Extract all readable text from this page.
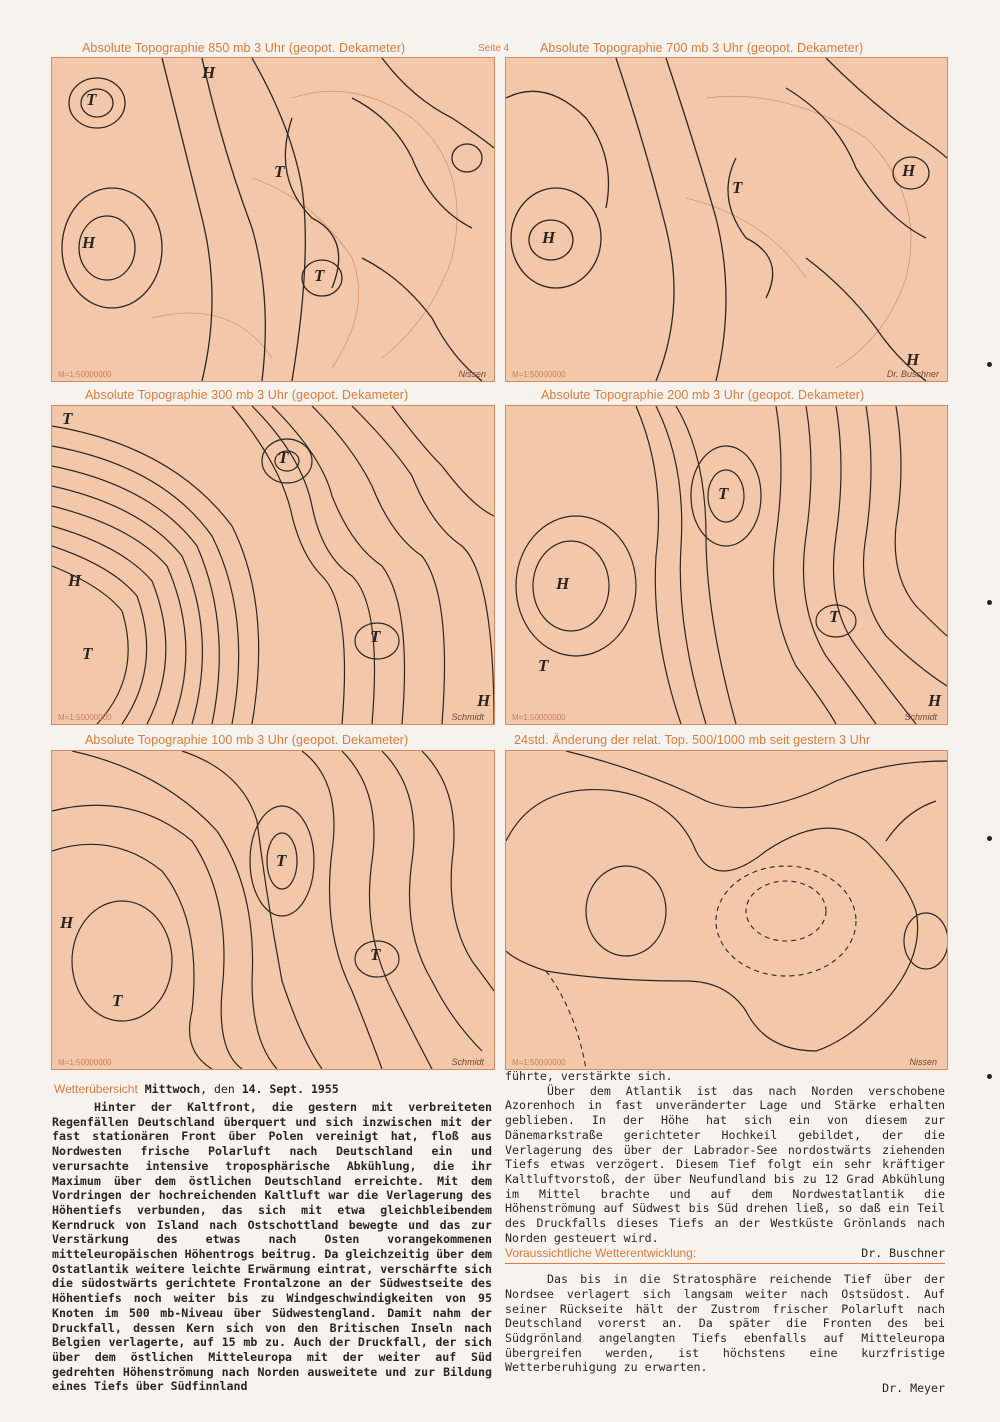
Absolute Topographie 850 mb 3 Uhr (geopot. Dekameter)	Seite 4 Absolute Topographie 700 mb 3 Uhr (geopot. Dekameter)
Absolute Topographie 300 mb 3 Uhr (geopot. Dekameter)	Absolute Topographie 200 mb 3 Uhr (geopot. Dekameter)
Absolute Topographie 100 mb 3 Uhr (geopot. Dekameter)	24std. Änderung der relat. Top. 500/1000 mb seit gestern 3 Uhr
T
T
H
T
H
M=1:50000000	Nissen
H
T
H
H
M=1:50000000	Dr. Buschner
T
H
T
T
T
H
M=1:50000000	Schmidt
T
H
T
T
H
M=1:50000000	Schmidt
T
H
T
T
M=1:50000000	Schmidt	M=1:50000000	Nissen
Wetterübersicht Mittwoch, den 14. Sept. 1955

Hinter der Kaltfront, die gestern mit verbreiteten Regenfällen Deutschland überquert und sich inzwischen mit der fast stationären Front über Polen vereinigt hat, floß aus Nordwesten frische Polarluft nach Deutschland ein und verursachte intensive troposphärische Abkühlung, die ihr Maximum über dem östlichen Deutschland erreichte. Mit dem Vordringen der hochreichenden Kaltluft war die Verlagerung des Höhentiefs verbunden, das sich mit etwa gleichbleibendem Kerndruck von Island nach Ostschottland bewegte und das zur Verstärkung des etwas nach Osten vorangekommenen mitteleuropäischen Höhentrogs beitrug. Da gleichzeitig über dem Ostatlantik weitere leichte Erwärmung eintrat, verschärfte sich die südostwärts gerichtete Frontalzone an der Südwestseite des Höhentiefs noch weiter bis zu Windgeschwindigkeiten von 95 Knoten im 500 mb-Niveau über Südwestengland. Damit nahm der Druckfall, dessen Kern sich von den Britischen Inseln nach Belgien verlagerte, auf 15 mb zu. Auch der Druckfall, der sich über dem östlichen Mitteleuropa mit der weiter auf Süd gedrehten Höhenströmung nach Norden ausweitete und zur Bildung eines Tiefs über Südfinnland

führte, verstärkte sich.

Über dem Atlantik ist das nach Norden verschobene Azorenhoch in fast unveränderter Lage und Stärke erhalten geblieben. In der Höhe hat sich ein von diesem zur Dänemarkstraße gerichteter Hochkeil gebildet, der die Verlagerung des über der Labrador-See nordostwärts ziehenden Tiefs etwas verzögert. Diesem Tief folgt ein sehr kräftiger Kaltluftvorstoß, der über Neufundland bis zu 12 Grad Abkühlung im Mittel brachte und auf dem Nordwestatlantik die Höhenströmung auf Südwest bis Süd drehen ließ, so daß ein Teil des Druckfalls dieses Tiefs an der Westküste Grönlands nach Norden gesteuert wird.

Voraussichtliche Wetterentwicklung:	Dr. Buschner

Das bis in die Stratosphäre reichende Tief über der Nordsee verlagert sich langsam weiter nach Ostsüdost. Auf seiner Rückseite hält der Zustrom frischer Polarluft nach Deutschland vorerst an. Da später die Fronten des bei Südgrönland angelangten Tiefs ebenfalls auf Mitteleuropa übergreifen werden, ist höchstens eine kurzfristige Wetterberuhigung zu erwarten.

Dr. Meyer
